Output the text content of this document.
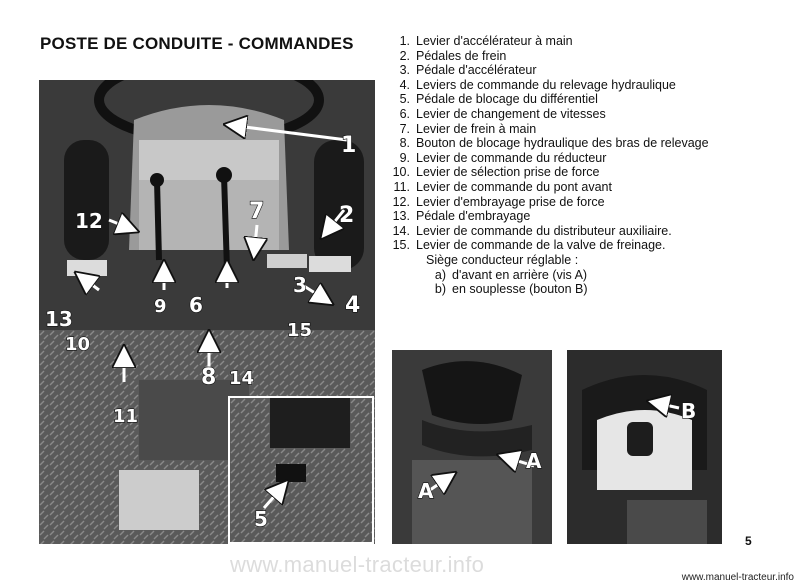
POSTE DE CONDUITE - COMMANDES	1. Levier d'accélérateur à main
2. Pédales de frein
3. Pédale d'accélérateur
4. Leviers de commande du relevage hydraulique
5. Pédale de blocage du différentiel
6. Levier de changement de vitesses
7. Levier de frein à main
8. Bouton de blocage hydraulique des bras de relevage
9. Levier de commande du réducteur
10. Levier de sélection prise de force
11. Levier de commande du pont avant
12. Levier d'embrayage prise de force
13. Pédale d'embrayage
14. Levier de commande du distributeur auxiliaire.
15. Levier de commande de la valve de freinage.
Siège conducteur réglable :
a) d'avant en arrière (vis A)
b) en souplesse (bouton B)
1
2
3
4
6
7
8
9
10
11
12
13
14
15
5
A
A
B
5
www.manuel-tracteur.info
www.manuel-tracteur.info
